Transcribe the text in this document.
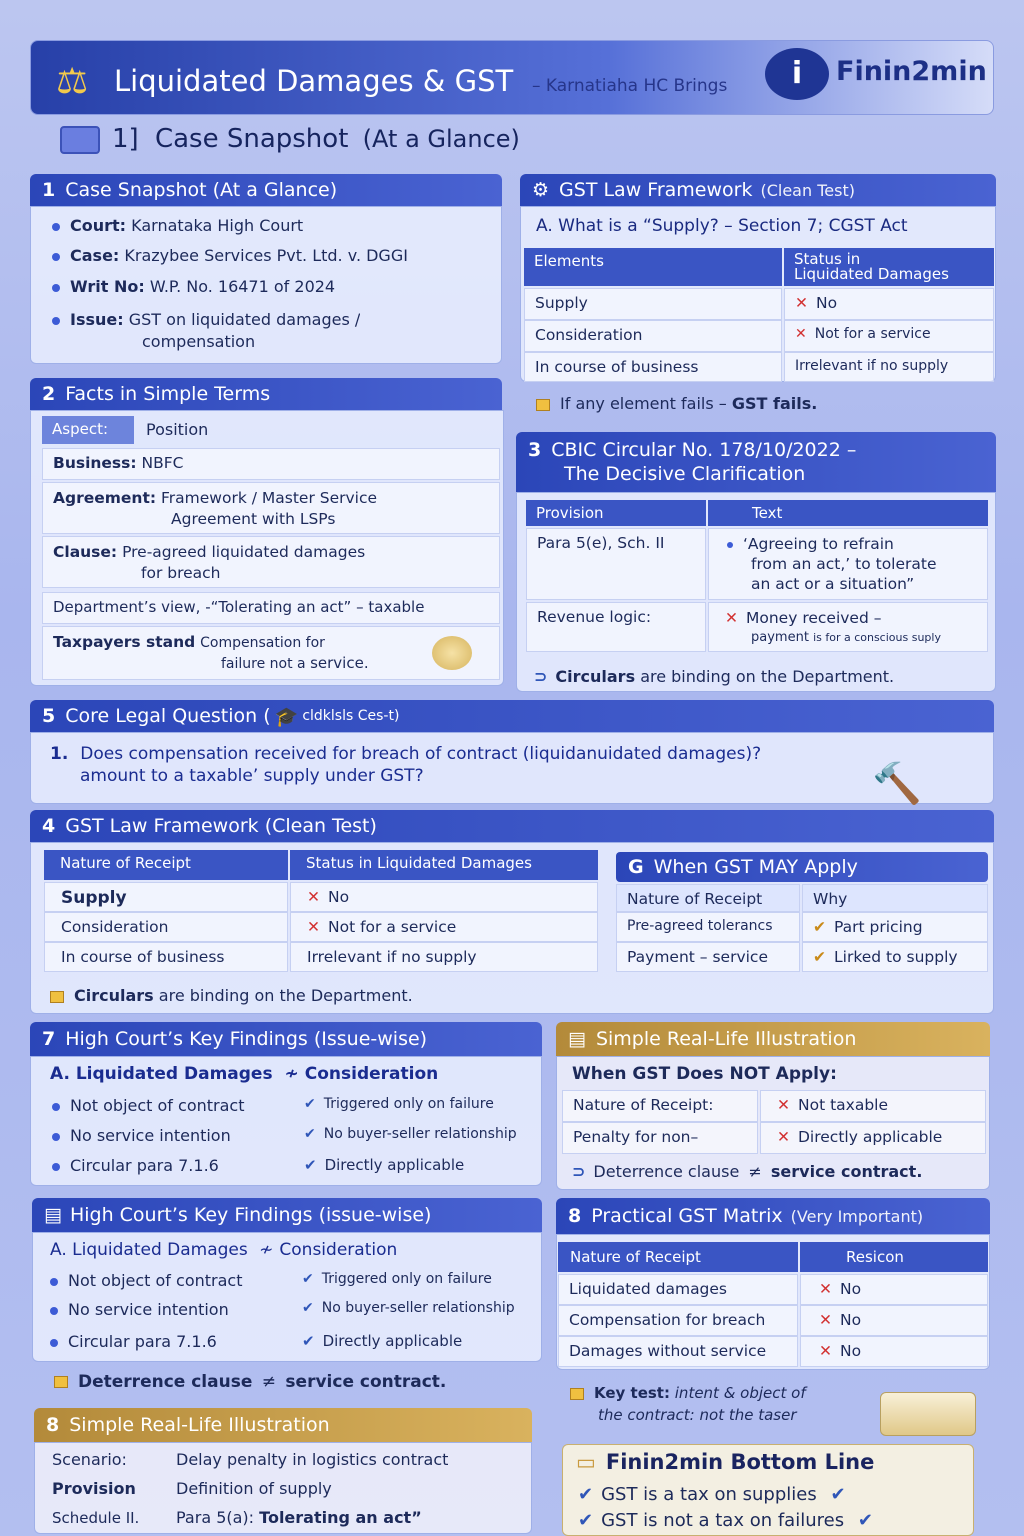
⚖ Liquidated Damages & GST – Karnatiaha HC Brings	i	Finin2min
1] Case Snapshot (At a Glance)
1 Case Snapshot (At a Glance)
Court: Karnataka High Court
Case: Krazybee Services Pvt. Ltd. v. DGGI
Writ No: W.P. No. 16471 of 2024
Issue: GST on liquidated damages /
compensation
⚙ GST Law Framework (Clean Test)
A. What is a “Supply? – Section 7; CGST Act
Elements	Status in
Liquidated Damages
Supply	✕ No
Consideration	✕ Not for a service
In course of business	Irrelevant if no supply
If any element fails – GST fails.
2 Facts in Simple Terms
Aspect:	Position
Business: NBFC
Agreement: Framework / Master Service
Agreement with LSPs
Clause: Pre-agreed liquidated damages
for breach
Department’s view, -“Tolerating an act” – taxable
Taxpayers stand Compensation for
failure not a service.
3 CBIC Circular No. 178/10/2022 –
The Decisive Clarification
Provision	Text
Para 5(e), Sch. II	‘Agreeing to refrain
from an act,’ to tolerate
an act or a situation”
Revenue logic:	✕ Money received –
payment is for a conscious suply
⊃ Circulars are binding on the Department.
5 Core Legal Question ( 🎓 cldklsls Ces-t)
1. Does compensation received for breach of contract (liquidanuidated damages)?
amount to a taxable’ supply under GST?	🔨
4 GST Law Framework (Clean Test)
Nature of Receipt	Status in Liquidated Damages
Supply	✕ No
Consideration	✕ Not for a service
In course of business	Irrelevant if no supply
Circulars are binding on the Department.
G When GST MAY Apply
Nature of Receipt	Why
Pre-agreed tolerancs	✔ Part pricing
Payment – service	✔ Lirked to supply
7 High Court’s Key Findings (Issue-wise)
A. Liquidated Damages ≁ Consideration
Not object of contract	✔ Triggered only on failure
No service intention	✔ No buyer-seller relationship
Circular para 7.1.6	✔ Directly applicable
▤ Simple Real-Life Illustration
When GST Does NOT Apply:
Nature of Receipt:	✕ Not taxable
Penalty for non–	✕ Directly applicable
⊃ Deterrence clause ≠ service contract.
▤ High Court’s Key Findings (issue-wise)
A. Liquidated Damages ≁ Consideration
Not object of contract	✔ Triggered only on failure
No service intention	✔ No buyer-seller relationship
Circular para 7.1.6	✔ Directly applicable
Deterrence clause ≠ service contract.
8 Practical GST Matrix (Very Important)
Nature of Receipt	Resicon
Liquidated damages	✕ No
Compensation for breach	✕ No
Damages without service	✕ No
Key test: intent & object of
the contract: not the taser
8 Simple Real-Life Illustration
Scenario:	Delay penalty in logistics contract
Provision	Definition of supply
Schedule II. Para 5(a): Tolerating an act”
▭ Finin2min Bottom Line
✔ GST is a tax on supplies ✔
✔ GST is not a tax on failures ✔
